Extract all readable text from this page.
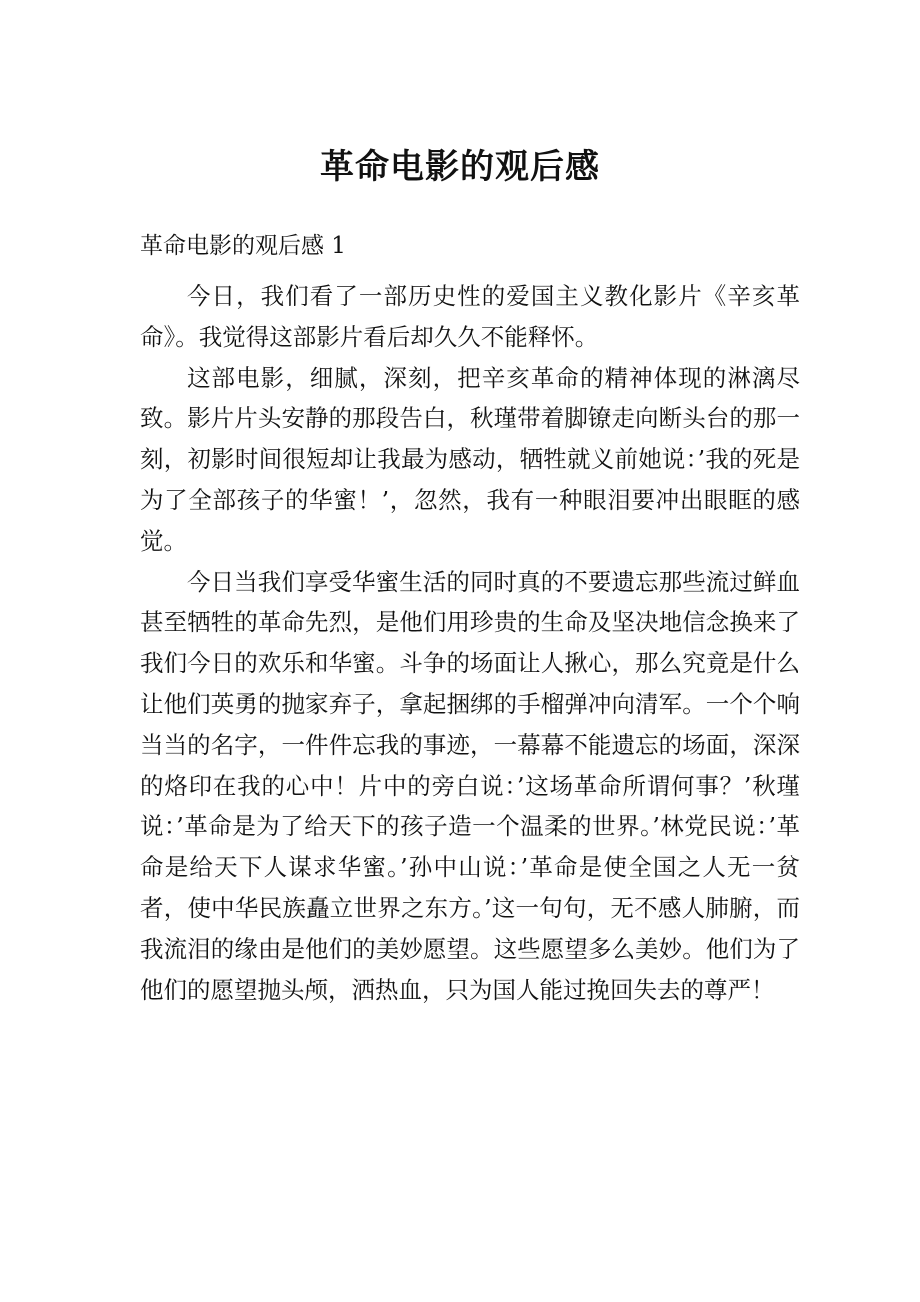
革命电影的观后感
革命电影的观后感 1

今日，我们看了一部历史性的爱国主义教化影片《辛亥革命》。我觉得这部影片看后却久久不能释怀。

这部电影，细腻，深刻，把辛亥革命的精神体现的淋漓尽致。影片片头安静的那段告白，秋瑾带着脚镣走向断头台的那一刻，初影时间很短却让我最为感动，牺牲就义前她说：’我的死是为了全部孩子的华蜜！’，忽然，我有一种眼泪要冲出眼眶的感觉。

今日当我们享受华蜜生活的同时真的不要遗忘那些流过鲜血甚至牺牲的革命先烈，是他们用珍贵的生命及坚决地信念换来了我们今日的欢乐和华蜜。斗争的场面让人揪心，那么究竟是什么让他们英勇的抛家弃子，拿起捆绑的手榴弹冲向清军。一个个响当当的名字，一件件忘我的事迹，一幕幕不能遗忘的场面，深深的烙印在我的心中！片中的旁白说：’这场革命所谓何事？’秋瑾说：’革命是为了给天下的孩子造一个温柔的世界。’林党民说：’革命是给天下人谋求华蜜。’孙中山说：’革命是使全国之人无一贫者，使中华民族矗立世界之东方。’这一句句，无不感人肺腑，而我流泪的缘由是他们的美妙愿望。这些愿望多么美妙。他们为了他们的愿望抛头颅，洒热血，只为国人能过挽回失去的尊严！
